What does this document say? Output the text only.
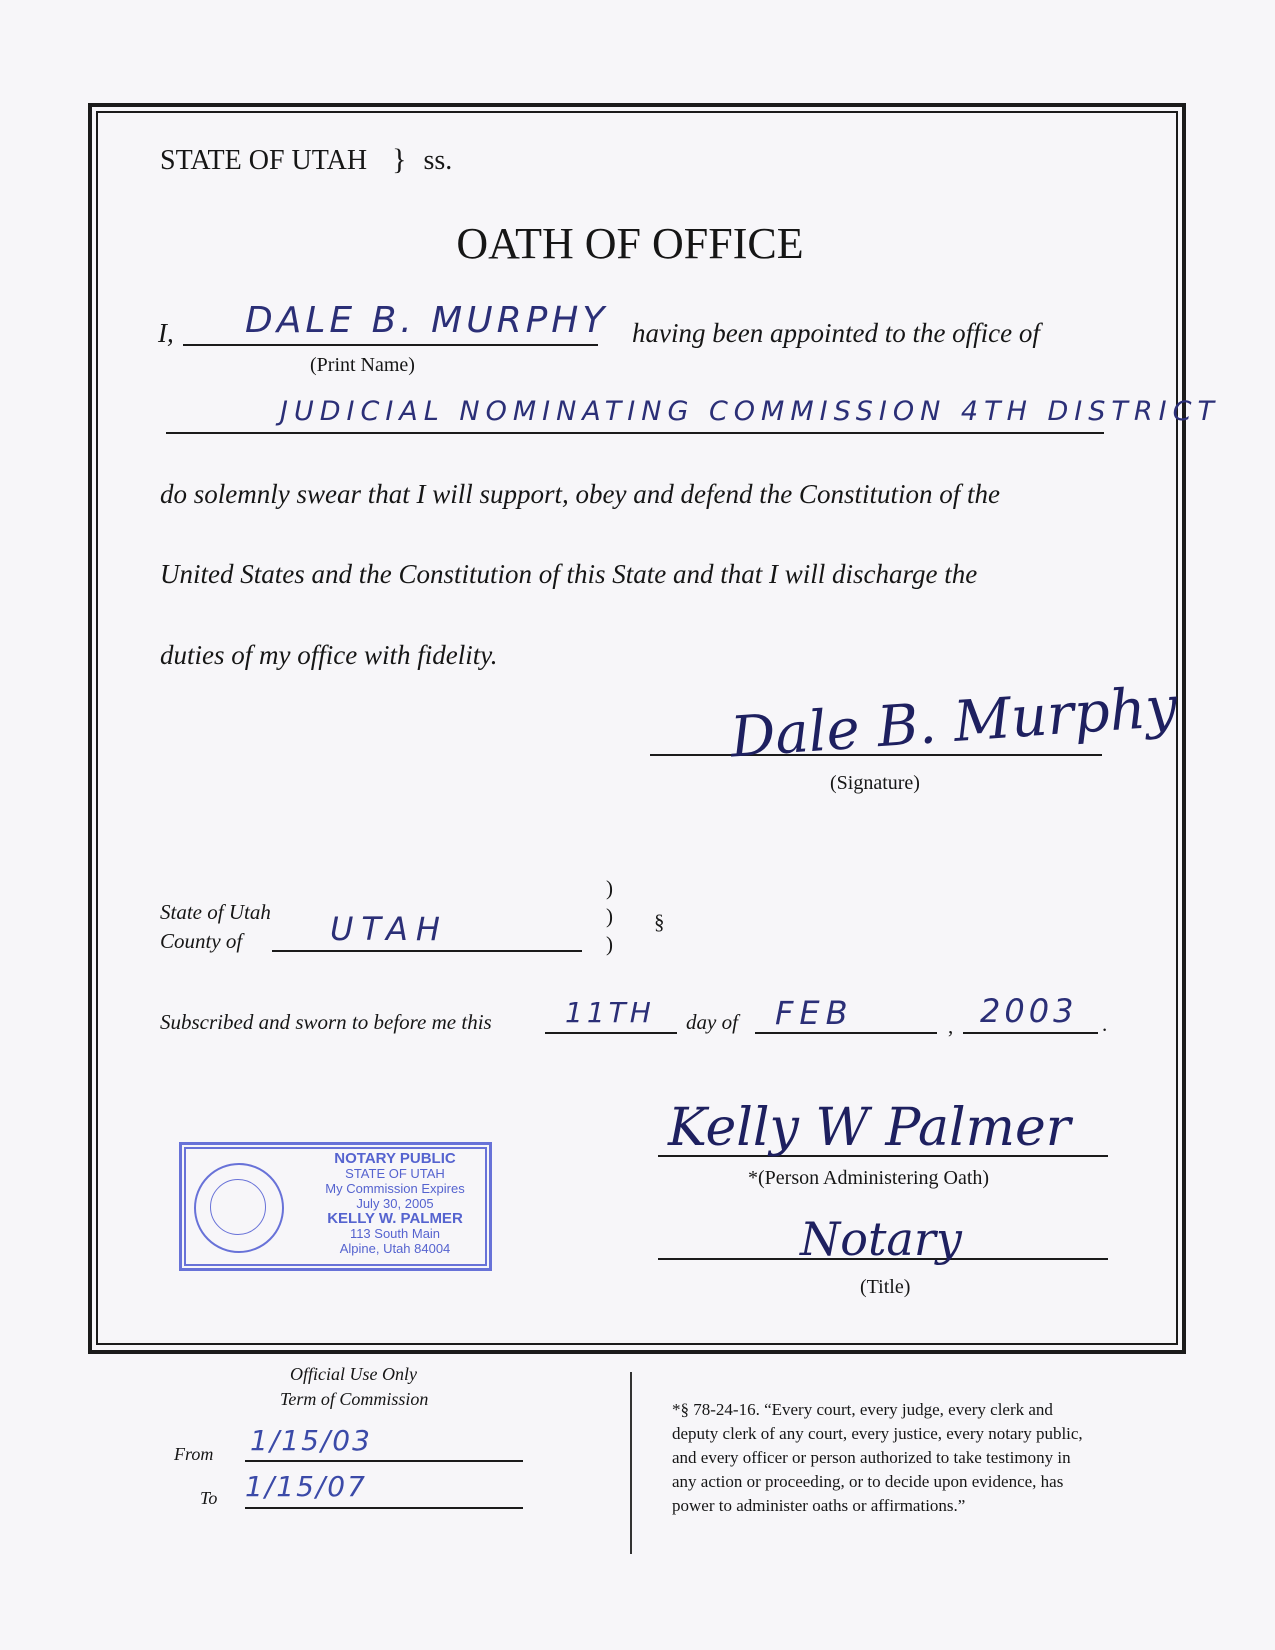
STATE OF UTAH } ss.
OATH OF OFFICE
I, DALE B. MURPHY having been appointed to the office of
(Print Name)
JUDICIAL NOMINATING COMMISSION 4TH DISTRICT
do solemnly swear that I will support, obey and defend the Constitution of the
United States and the Constitution of this State and that I will discharge the
duties of my office with fidelity.
Dale B. Murphy
(Signature)
State of Utah
County of	UTAH
)
)
)
§
Subscribed and sworn to before me this	11TH day of FEB	, 2003 .
NOTARY PUBLIC
STATE OF UTAH
My Commission Expires
July 30, 2005
KELLY W. PALMER
113 South Main
Alpine, Utah 84004
Kelly W Palmer
*(Person Administering Oath)
Notary
(Title)
Official Use Only
Term of Commission
From 1/15/03
To 1/15/07
*§ 78-24-16. “Every court, every judge, every clerk and
deputy clerk of any court, every justice, every notary public,
and every officer or person authorized to take testimony in
any action or proceeding, or to decide upon evidence, has
power to administer oaths or affirmations.”
